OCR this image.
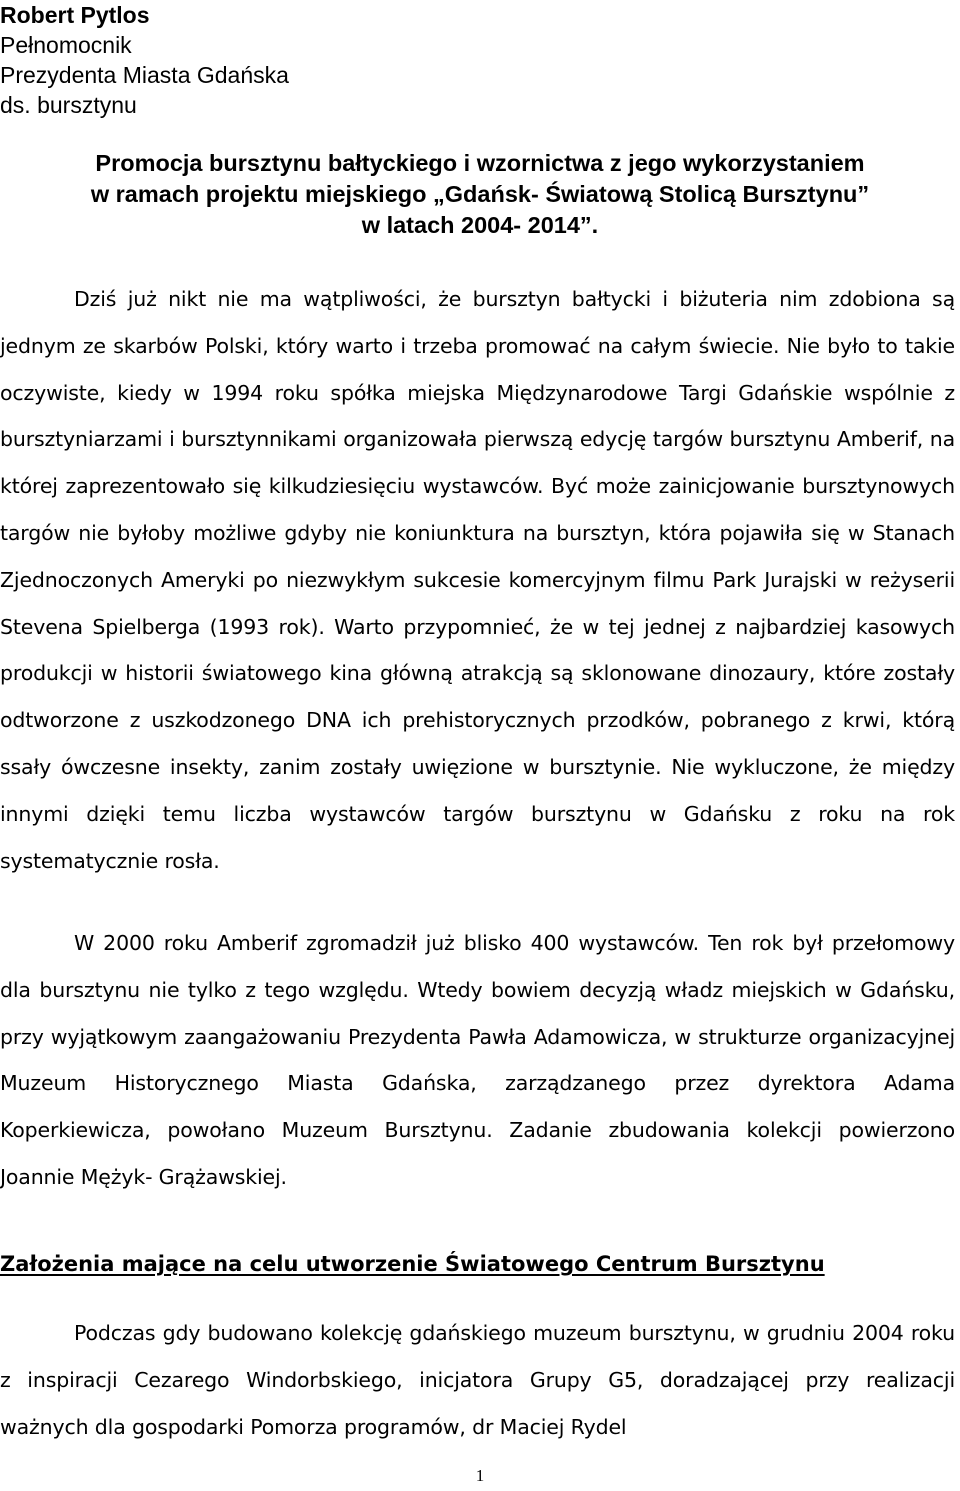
Robert Pytlos
Pełnomocnik
Prezydenta Miasta Gdańska
ds. bursztynu
Promocja bursztynu bałtyckiego i wzornictwa z jego wykorzystaniem
w ramach projektu miejskiego „Gdańsk- Światową Stolicą Bursztynu”
w latach 2004- 2014”.

Dziś już nikt nie ma wątpliwości, że bursztyn bałtycki i biżuteria nim zdobiona są jednym ze skarbów Polski, który warto i trzeba promować na całym świecie. Nie było to takie oczywiste, kiedy w 1994 roku spółka miejska Międzynarodowe Targi Gdańskie wspólnie z bursztyniarzami i bursztynnikami organizowała pierwszą edycję targów bursztynu Amberif, na której zaprezentowało się kilkudziesięciu wystawców. Być może zainicjowanie bursztynowych targów nie byłoby możliwe gdyby nie koniunktura na bursztyn, która pojawiła się w Stanach Zjednoczonych Ameryki po niezwykłym sukcesie komercyjnym filmu Park Jurajski w reżyserii Stevena Spielberga (1993 rok). Warto przypomnieć, że w tej jednej z najbardziej kasowych produkcji w historii światowego kina główną atrakcją są sklonowane dinozaury, które zostały odtworzone z uszkodzonego DNA ich prehistorycznych przodków, pobranego z krwi, którą ssały ówczesne insekty, zanim zostały uwięzione w bursztynie. Nie wykluczone, że między innymi dzięki temu liczba wystawców targów bursztynu w Gdańsku z roku na rok systematycznie rosła.

W 2000 roku Amberif zgromadził już blisko 400 wystawców. Ten rok był przełomowy dla bursztynu nie tylko z tego względu. Wtedy bowiem decyzją władz miejskich w Gdańsku, przy wyjątkowym zaangażowaniu Prezydenta Pawła Adamowicza, w strukturze organizacyjnej Muzeum Historycznego Miasta Gdańska, zarządzanego przez dyrektora Adama Koperkiewicza, powołano Muzeum Bursztynu. Zadanie zbudowania kolekcji powierzono Joannie Mężyk- Grążawskiej.

Założenia mające na celu utworzenie Światowego Centrum Bursztynu

Podczas gdy budowano kolekcję gdańskiego muzeum bursztynu, w grudniu 2004 roku z inspiracji Cezarego Windorbskiego, inicjatora Grupy G5, doradzającej przy realizacji ważnych dla gospodarki Pomorza programów, dr Maciej Rydel

1
